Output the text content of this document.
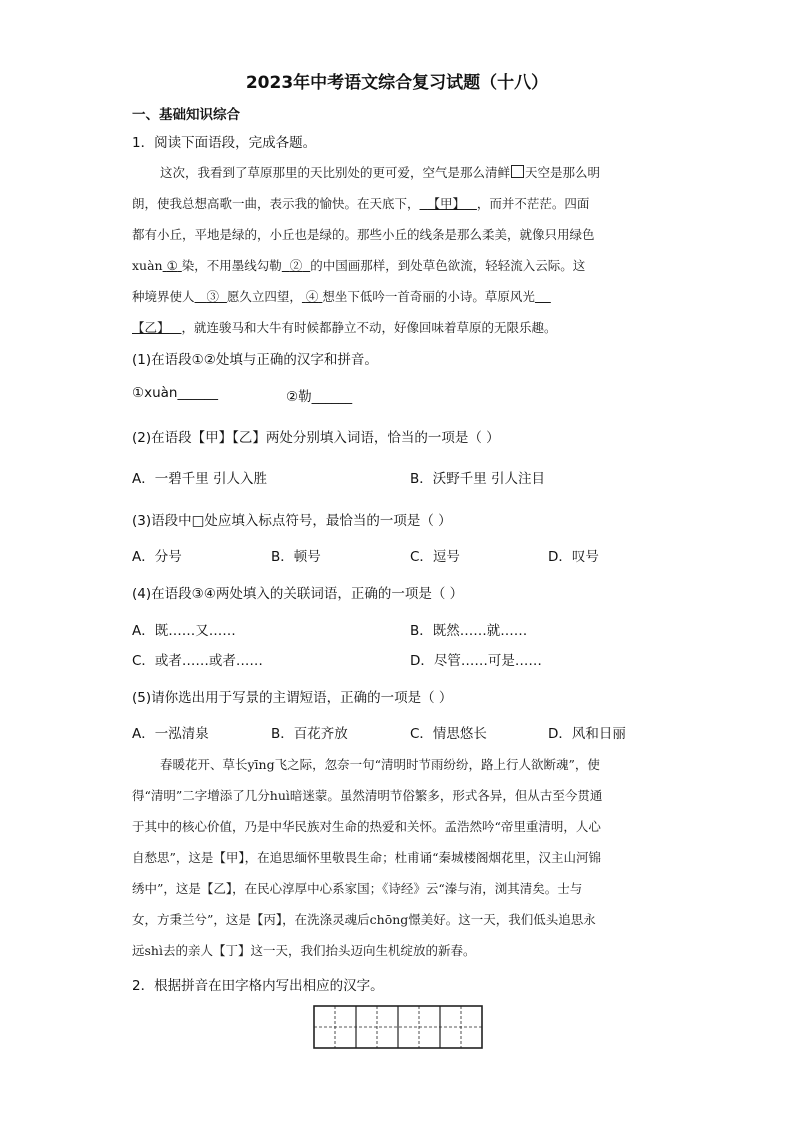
2023年中考语文综合复习试题（十八）
一、基础知识综合
1．阅读下面语段，完成各题。
这次，我看到了草原那里的天比别处的更可爱，空气是那么清鲜 天空是那么明
朗，使我总想高歌一曲，表示我的愉快。在天底下， 【甲】 ，而并不茫茫。四面
都有小丘，平地是绿的，小丘也是绿的。那些小丘的线条是那么柔美，就像只用绿色
xuàn ① 染，不用墨线勾勒 ② 的中国画那样，到处草色欲流，轻轻流入云际。这
种境界使人 ③ 愿久立四望， ④ 想坐下低吟一首奇丽的小诗。草原风光
【乙】 ，就连骏马和大牛有时候都静立不动，好像回味着草原的无限乐趣。
(1)在语段①②处填与正确的汉字和拼音。
①xuàn______	②勒______
(2)在语段【甲】【乙】两处分别填入词语，恰当的一项是（ ）
A．一碧千里 引人入胜	B．沃野千里 引人注目
(3)语段中□处应填入标点符号，最恰当的一项是（ ）
A．分号	B．顿号	C．逗号	D．叹号
(4)在语段③④两处填入的关联词语，正确的一项是（ ）
A．既……又……	B．既然……就……
C．或者……或者……	D．尽管……可是……
(5)请你选出用于写景的主谓短语，正确的一项是（ ）
A．一泓清泉	B．百花齐放	C．情思悠长	D．风和日丽
春暖花开、草长yīng飞之际，忽奈一句“清明时节雨纷纷，路上行人欲断魂”，使
得“清明”二字增添了几分huì暗迷蒙。虽然清明节俗繁多，形式各异，但从古至今贯通
于其中的核心价值，乃是中华民族对生命的热爱和关怀。孟浩然吟“帝里重清明，人心
自愁思”，这是【甲】，在追思缅怀里敬畏生命；杜甫诵“秦城楼阁烟花里，汉主山河锦
绣中”，这是【乙】，在民心淳厚中心系家国；《诗经》云“溱与洧，浏其清矣。士与
女，方秉兰兮”，这是【丙】，在洗涤灵魂后chōng憬美好。这一天，我们低头追思永
远shì去的亲人【丁】这一天，我们抬头迈向生机绽放的新春。
2．根据拼音在田字格内写出相应的汉字。
